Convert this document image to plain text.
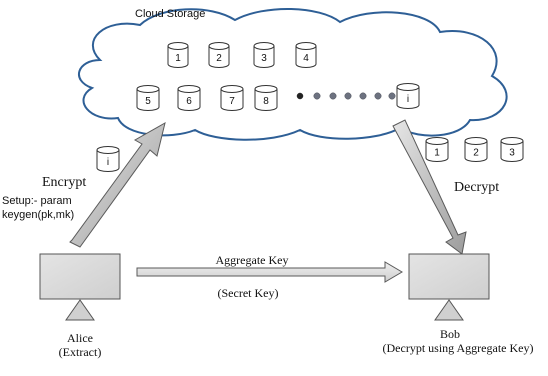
Cloud Storage
1	2	3	4
5	6	7	8	i
i
Encrypt
Setup:- param
keygen(pk,mk)
1	2	3
Decrypt
Alice
(Extract)
Bob
(Decrypt using Aggregate Key)
Aggregate Key
(Secret Key)
